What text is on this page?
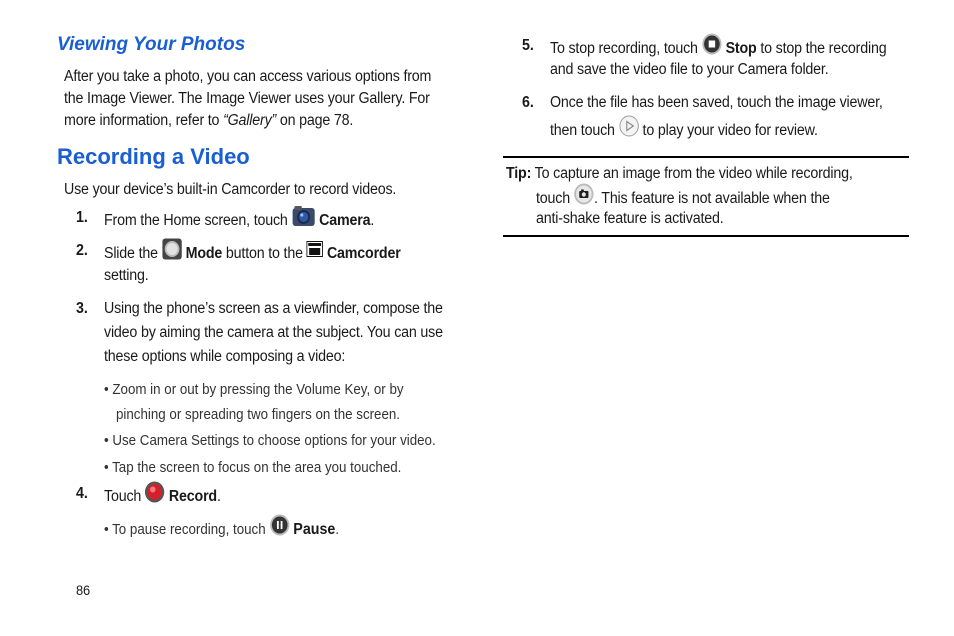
Viewing Your Photos
After you take a photo, you can access various options from
the Image Viewer. The Image Viewer uses your Gallery. For
more information, refer to “Gallery” on page 78.
Recording a Video
Use your device’s built-in Camcorder to record videos.
1. From the Home screen, touch  Camera.
2. Slide the  Mode button to the  Camcorder
setting.
3. Using the phone’s screen as a viewfinder, compose the
video by aiming the camera at the subject. You can use
these options while composing a video:
• Zoom in or out by pressing the Volume Key, or by
pinching or spreading two fingers on the screen.
• Use Camera Settings to choose options for your video.
• Tap the screen to focus on the area you touched.
4. Touch  Record.
• To pause recording, touch  Pause.
86
5. To stop recording, touch  Stop to stop the recording
and save the video file to your Camera folder.
6. Once the file has been saved, touch the image viewer,
then touch  to play your video for review.
Tip: To capture an image from the video while recording,
touch . This feature is not available when the
anti-shake feature is activated.
